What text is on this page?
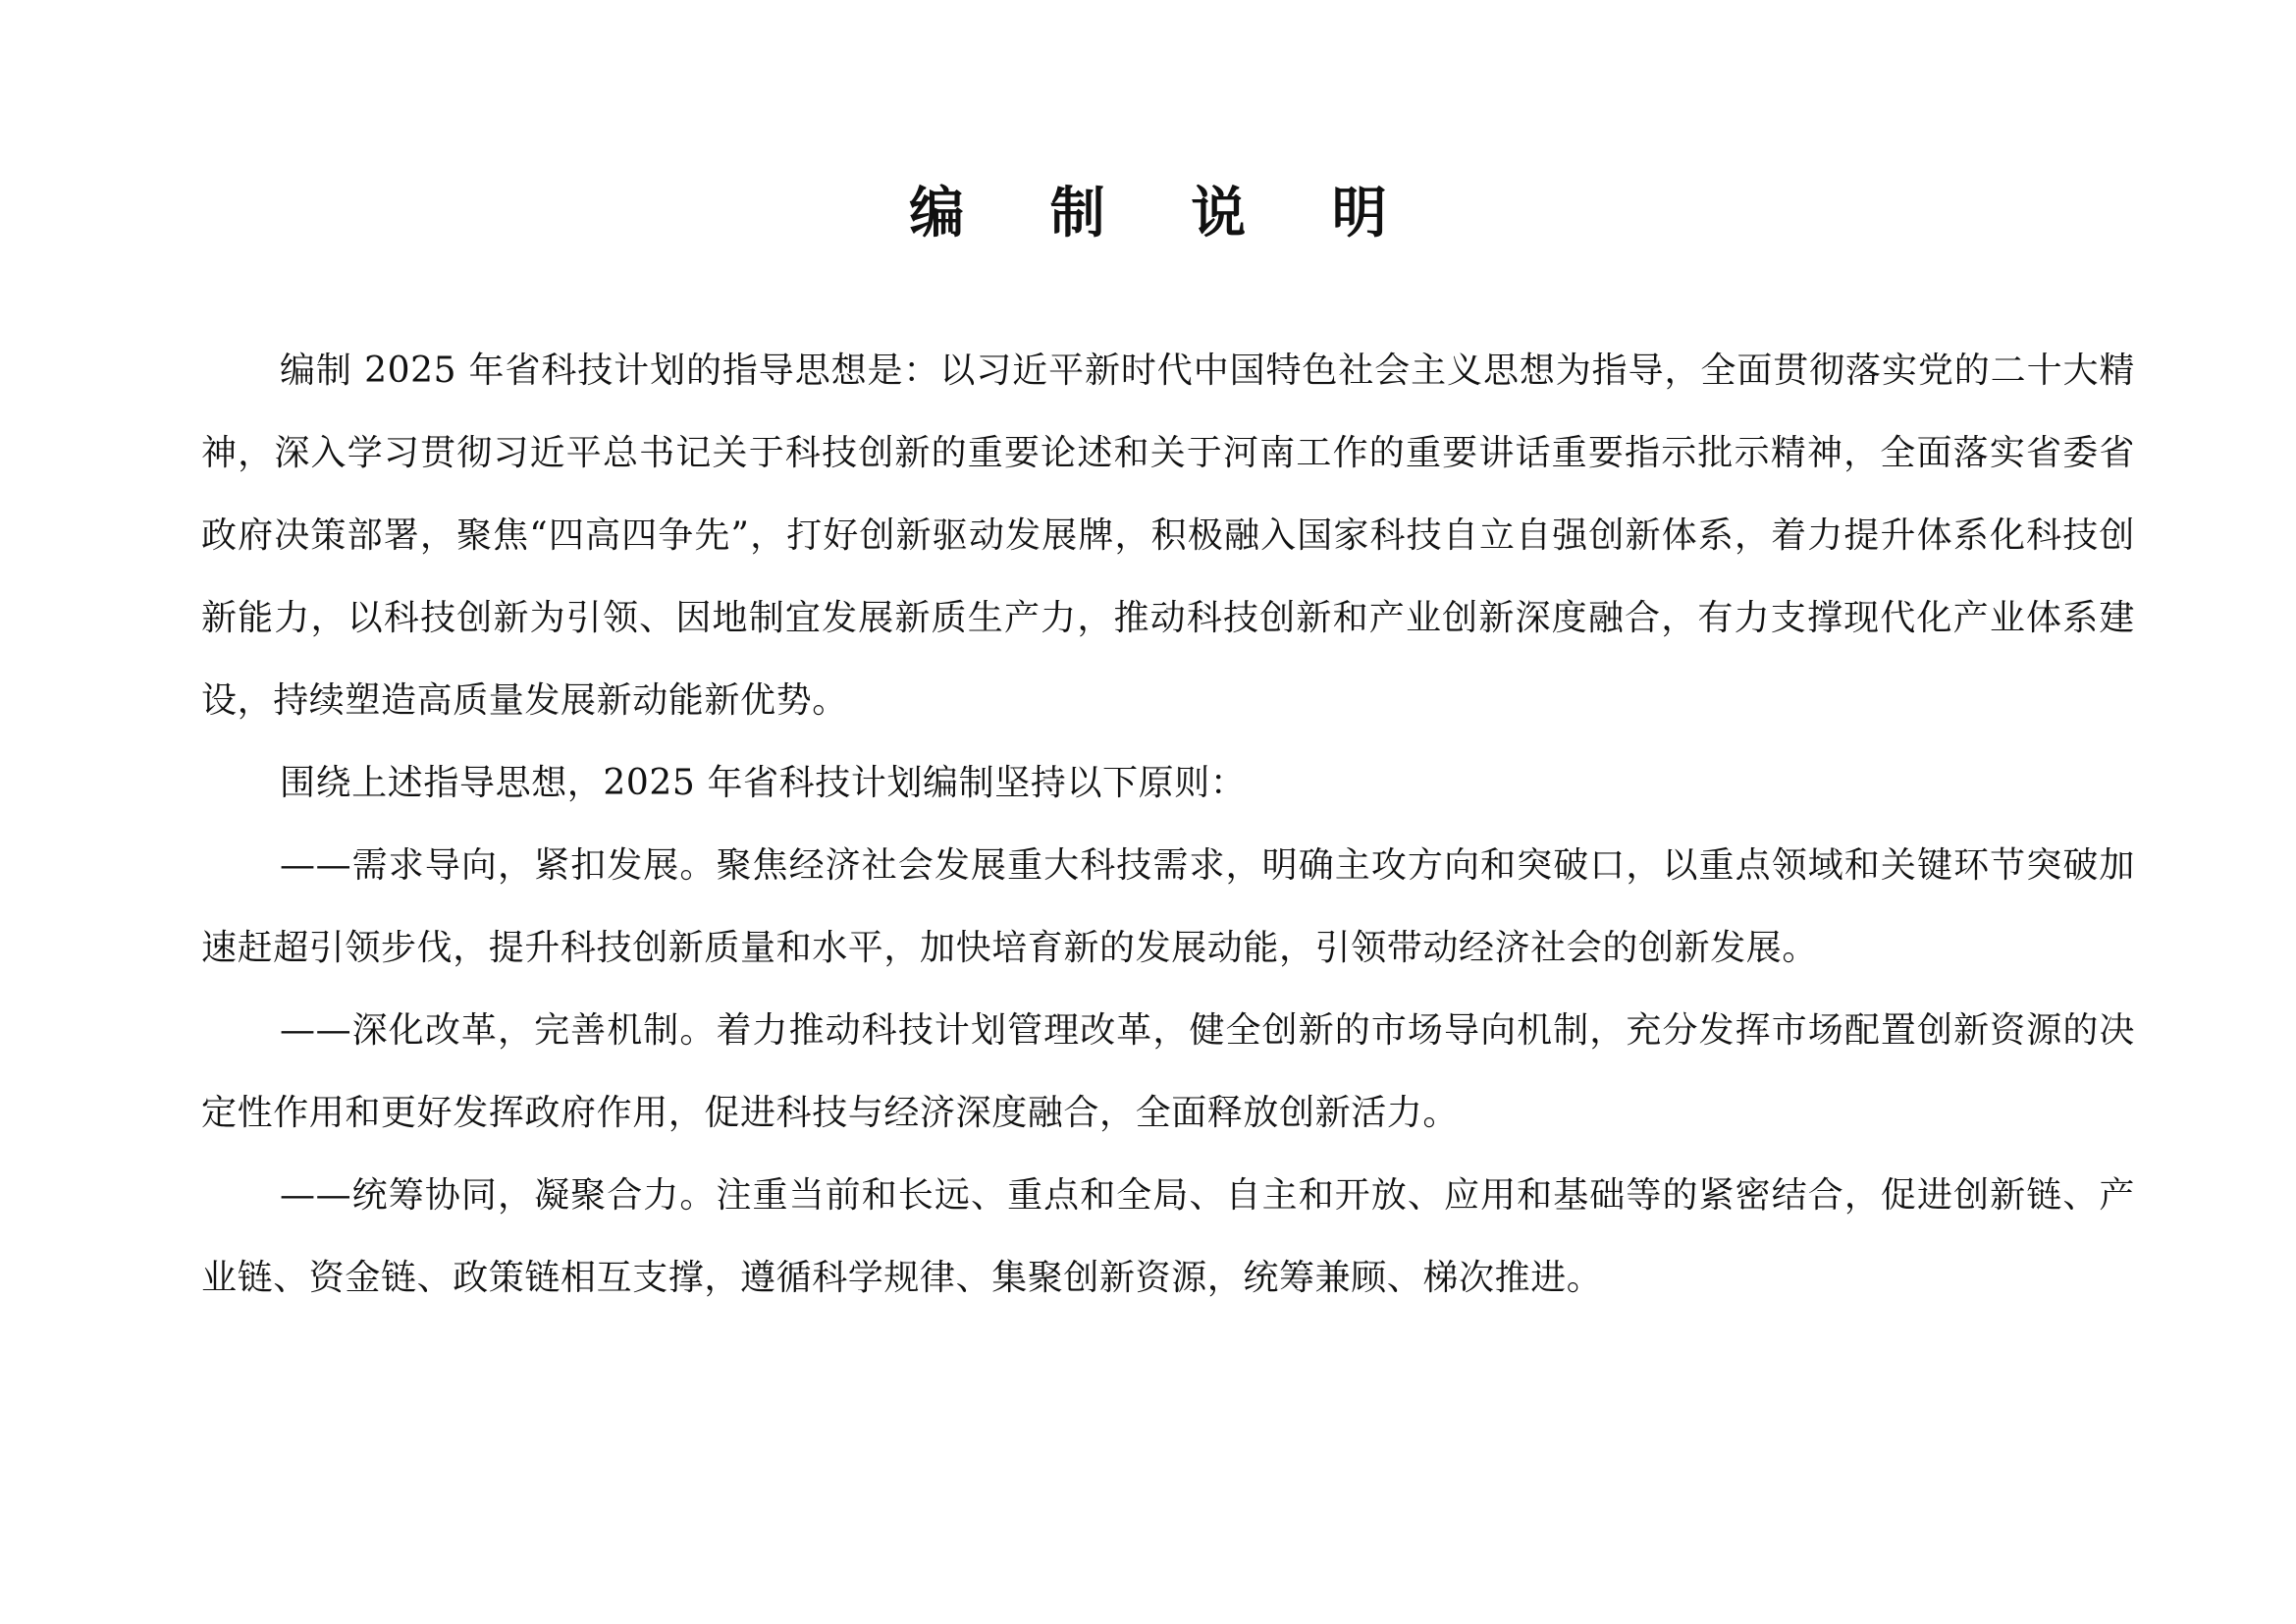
编 制 说 明

编制 2025 年省科技计划的指导思想是：以习近平新时代中国特色社会主义思想为指导，全面贯彻落实党的二十大精神，深入学习贯彻习近平总书记关于科技创新的重要论述和关于河南工作的重要讲话重要指示批示精神，全面落实省委省政府决策部署，聚焦“四高四争先”，打好创新驱动发展牌，积极融入国家科技自立自强创新体系，着力提升体系化科技创新能力，以科技创新为引领、因地制宜发展新质生产力，推动科技创新和产业创新深度融合，有力支撑现代化产业体系建设，持续塑造高质量发展新动能新优势。

围绕上述指导思想，2025 年省科技计划编制坚持以下原则：

——需求导向，紧扣发展。聚焦经济社会发展重大科技需求，明确主攻方向和突破口，以重点领域和关键环节突破加速赶超引领步伐，提升科技创新质量和水平，加快培育新的发展动能，引领带动经济社会的创新发展。

——深化改革，完善机制。着力推动科技计划管理改革，健全创新的市场导向机制，充分发挥市场配置创新资源的决定性作用和更好发挥政府作用，促进科技与经济深度融合，全面释放创新活力。

——统筹协同，凝聚合力。注重当前和长远、重点和全局、自主和开放、应用和基础等的紧密结合，促进创新链、产业链、资金链、政策链相互支撑，遵循科学规律、集聚创新资源，统筹兼顾、梯次推进。
